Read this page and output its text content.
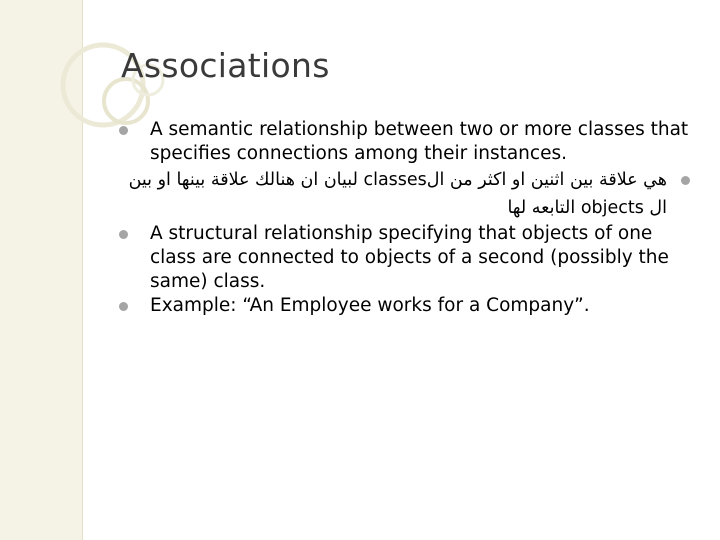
Associations
A semantic relationship between two or more classes that specifies connections among their instances.
هي علاقة بين اثنين او اكثر من الclasses لبيان ان هنالك علاقة بينها او بين ال objects التابعه لها
A structural relationship specifying that objects of one class are connected to objects of a second (possibly the same) class.
Example: “An Employee works for a Company”.
